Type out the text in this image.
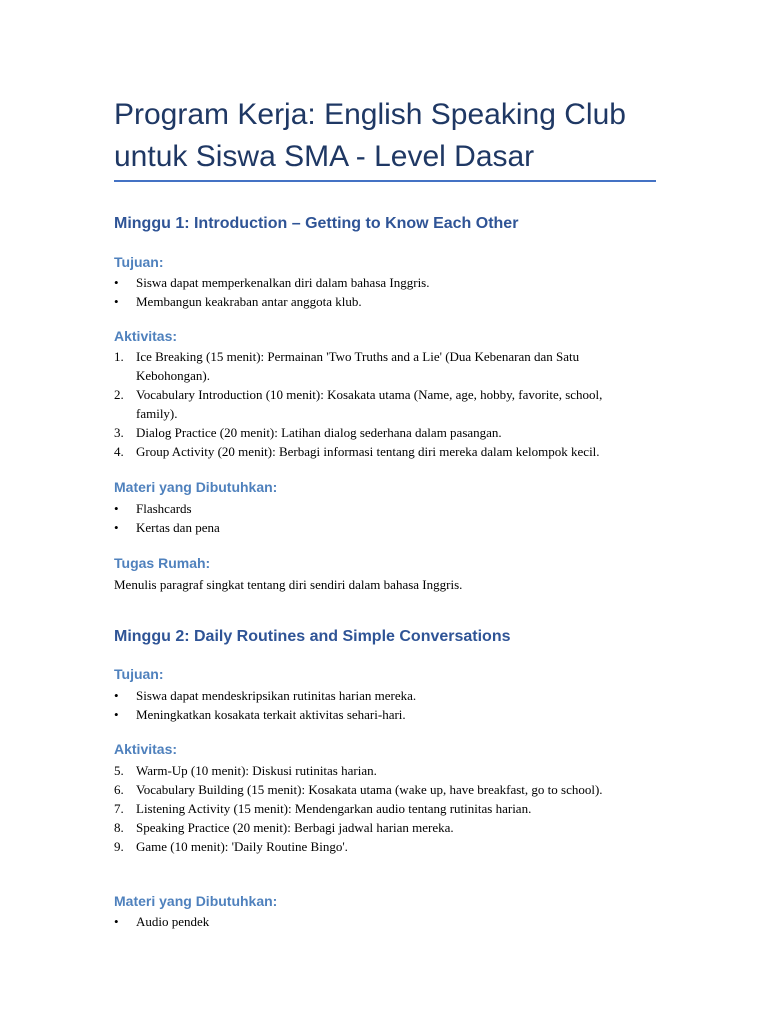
Program Kerja: English Speaking Club untuk Siswa SMA - Level Dasar
Minggu 1: Introduction – Getting to Know Each Other
Tujuan:
•	Siswa dapat memperkenalkan diri dalam bahasa Inggris.
•	Membangun keakraban antar anggota klub.
Aktivitas:
1. Ice Breaking (15 menit): Permainan 'Two Truths and a Lie' (Dua Kebenaran dan Satu Kebohongan).
2. Vocabulary Introduction (10 menit): Kosakata utama (Name, age, hobby, favorite, school, family).
3. Dialog Practice (20 menit): Latihan dialog sederhana dalam pasangan.
4. Group Activity (20 menit): Berbagi informasi tentang diri mereka dalam kelompok kecil.
Materi yang Dibutuhkan:
•	Flashcards
•	Kertas dan pena
Tugas Rumah:

Menulis paragraf singkat tentang diri sendiri dalam bahasa Inggris.

Minggu 2: Daily Routines and Simple Conversations
Tujuan:
•	Siswa dapat mendeskripsikan rutinitas harian mereka.
•	Meningkatkan kosakata terkait aktivitas sehari-hari.
Aktivitas:
5. Warm-Up (10 menit): Diskusi rutinitas harian.
6. Vocabulary Building (15 menit): Kosakata utama (wake up, have breakfast, go to school).
7. Listening Activity (15 menit): Mendengarkan audio tentang rutinitas harian.
8. Speaking Practice (20 menit): Berbagi jadwal harian mereka.
9. Game (10 menit): 'Daily Routine Bingo'.
Materi yang Dibutuhkan:
•	Audio pendek
